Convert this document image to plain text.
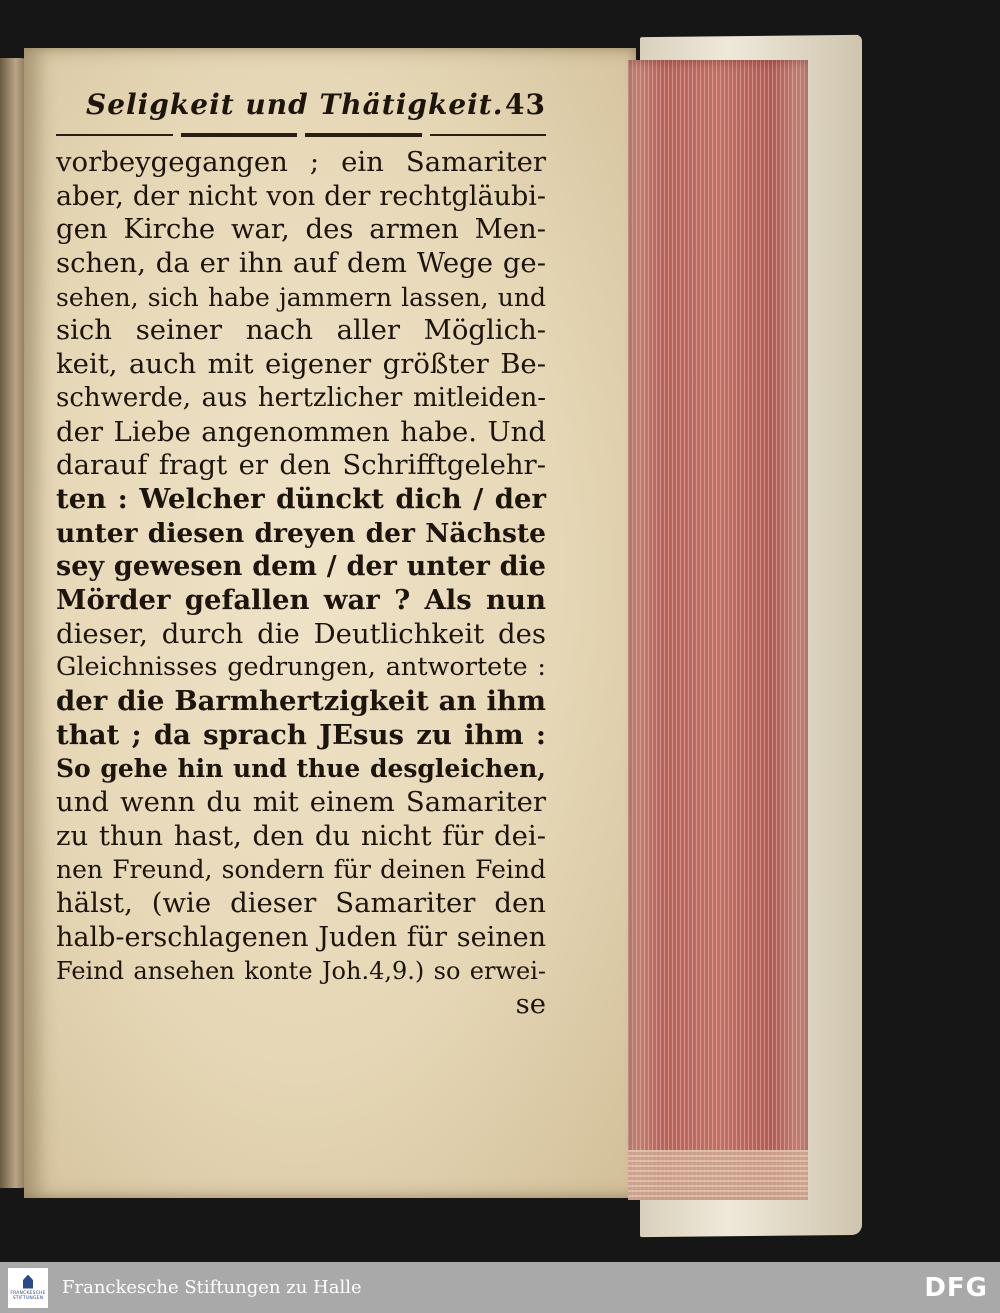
Seligkeit und Thätigkeit. 43
vorbeygegangen ; ein Samariter
aber, der nicht von der rechtgläubi-
gen Kirche war, des armen Men-
schen, da er ihn auf dem Wege ge-
sehen, sich habe jammern lassen, und
sich seiner nach aller Möglich-
keit, auch mit eigener größter Be-
schwerde, aus hertzlicher mitleiden-
der Liebe angenommen habe. Und
darauf fragt er den Schrifftgelehr-
ten : Welcher dünckt dich / der
unter diesen dreyen der Nächste
sey gewesen dem / der unter die
Mörder gefallen war ? Als nun
dieser, durch die Deutlichkeit des
Gleichnisses gedrungen, antwortete :
der die Barmhertzigkeit an ihm
that ; da sprach JEsus zu ihm :
So gehe hin und thue desgleichen,
und wenn du mit einem Samariter
zu thun hast, den du nicht für dei-
nen Freund, sondern für deinen Feind
hälst, (wie dieser Samariter den
halb-erschlagenen Juden für seinen
Feind ansehen konte Joh.4,9.) so erwei-
se
FRANCKESCHE STIFTUNGEN Franckesche Stiftungen zu Halle	DFG
